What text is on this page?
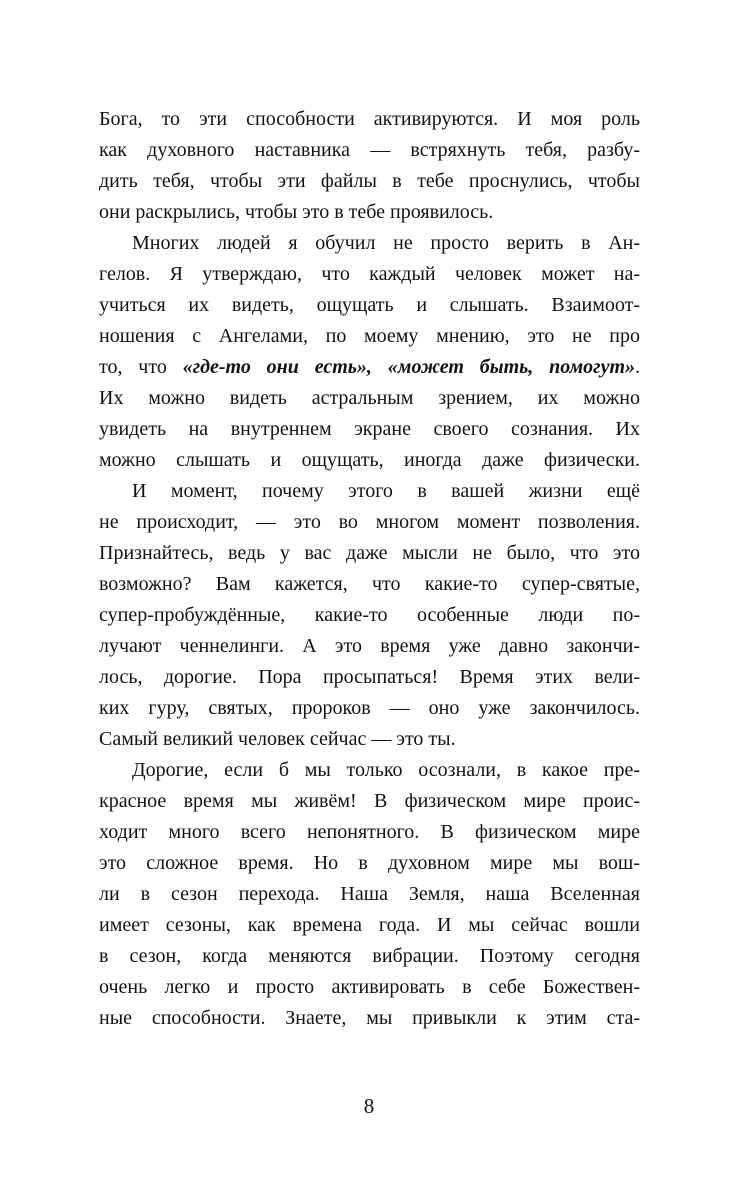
Бога, то эти способности активируются. И моя роль
как духовного наставника — встряхнуть тебя, разбу-
дить тебя, чтобы эти файлы в тебе проснулись, чтобы
они раскрылись, чтобы это в тебе проявилось.
Многих людей я обучил не просто верить в Ан-
гелов. Я утверждаю, что каждый человек может на-
учиться их видеть, ощущать и слышать. Взаимоот-
ношения с Ангелами, по моему мнению, это не про
то, что «где-то они есть», «может быть, помогут».
Их можно видеть астральным зрением, их можно
увидеть на внутреннем экране своего сознания. Их
можно слышать и ощущать, иногда даже физически.
И момент, почему этого в вашей жизни ещё
не происходит, — это во многом момент позволения.
Признайтесь, ведь у вас даже мысли не было, что это
возможно? Вам кажется, что какие-то супер-святые,
супер-пробуждённые, какие-то особенные люди по-
лучают ченнелинги. А это время уже давно закончи-
лось, дорогие. Пора просыпаться! Время этих вели-
ких гуру, святых, пророков — оно уже закончилось.
Самый великий человек сейчас — это ты.
Дорогие, если б мы только осознали, в какое пре-
красное время мы живём! В физическом мире проис-
ходит много всего непонятного. В физическом мире
это сложное время. Но в духовном мире мы вош-
ли в сезон перехода. Наша Земля, наша Вселенная
имеет сезоны, как времена года. И мы сейчас вошли
в сезон, когда меняются вибрации. Поэтому сегодня
очень легко и просто активировать в себе Божествен-
ные способности. Знаете, мы привыкли к этим ста-
8
